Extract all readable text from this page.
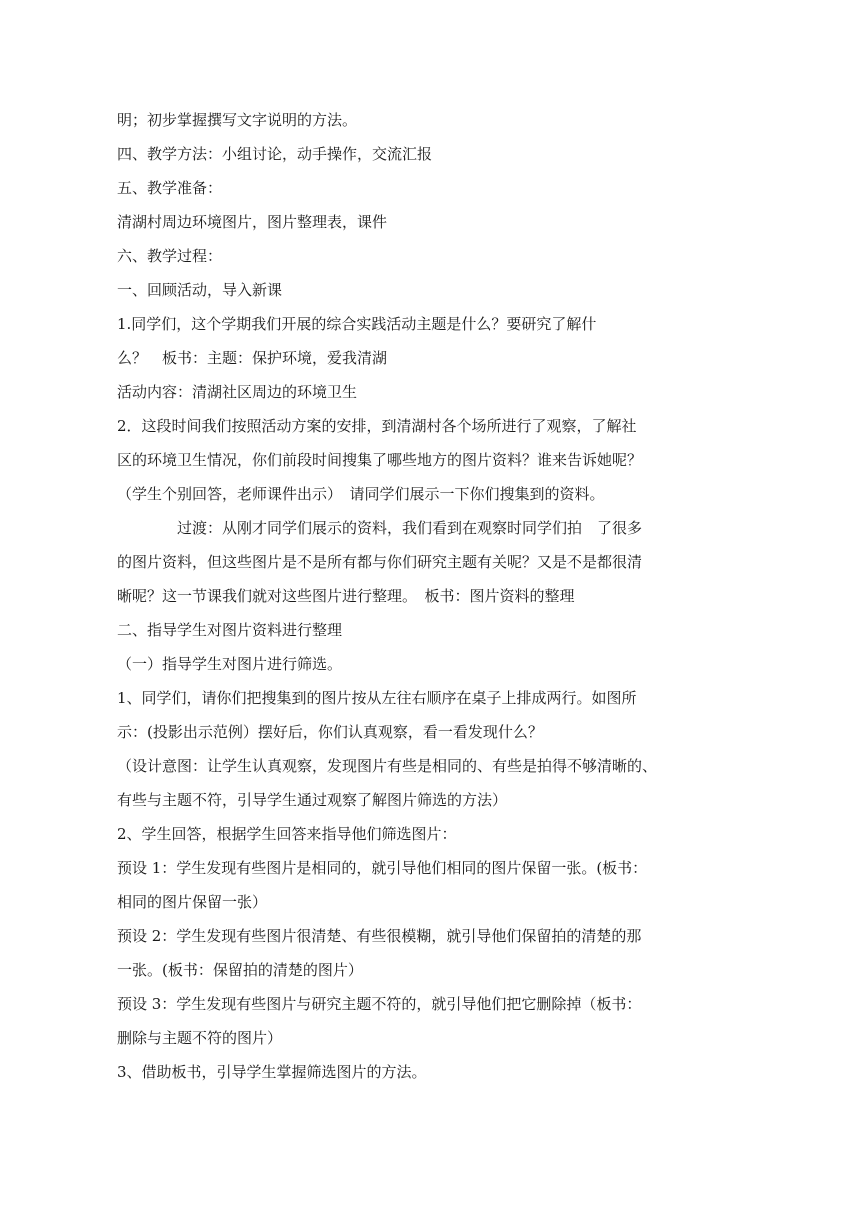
明；初步掌握撰写文字说明的方法。
四、教学方法：小组讨论，动手操作，交流汇报
五、教学准备：
清湖村周边环境图片，图片整理表，课件
六、教学过程：
一、回顾活动，导入新课
1.同学们，这个学期我们开展的综合实践活动主题是什么？要研究了解什
么？　板书：主题：保护环境，爱我清湖
活动内容：清湖社区周边的环境卫生
2．这段时间我们按照活动方案的安排，到清湖村各个场所进行了观察，了解社
区的环境卫生情况，你们前段时间搜集了哪些地方的图片资料？谁来告诉她呢？
（学生个别回答，老师课件出示）　请同学们展示一下你们搜集到的资料。
　　　　过渡：从刚才同学们展示的资料，我们看到在观察时同学们拍　了很多
的图片资料，但这些图片是不是所有都与你们研究主题有关呢？又是不是都很清
晰呢？这一节课我们就对这些图片进行整理。　板书：图片资料的整理
二、指导学生对图片资料进行整理
（一）指导学生对图片进行筛选。
1、同学们，请你们把搜集到的图片按从左往右顺序在桌子上排成两行。如图所
示：(投影出示范例）摆好后，你们认真观察，看一看发现什么？
（设计意图：让学生认真观察，发现图片有些是相同的、有些是拍得不够清晰的、
有些与主题不符，引导学生通过观察了解图片筛选的方法）
2、学生回答，根据学生回答来指导他们筛选图片：
预设 1：学生发现有些图片是相同的，就引导他们相同的图片保留一张。(板书：
相同的图片保留一张）
预设 2：学生发现有些图片很清楚、有些很模糊，就引导他们保留拍的清楚的那
一张。(板书：保留拍的清楚的图片）
预设 3：学生发现有些图片与研究主题不符的，就引导他们把它删除掉（板书：
删除与主题不符的图片）
3、借助板书，引导学生掌握筛选图片的方法。
